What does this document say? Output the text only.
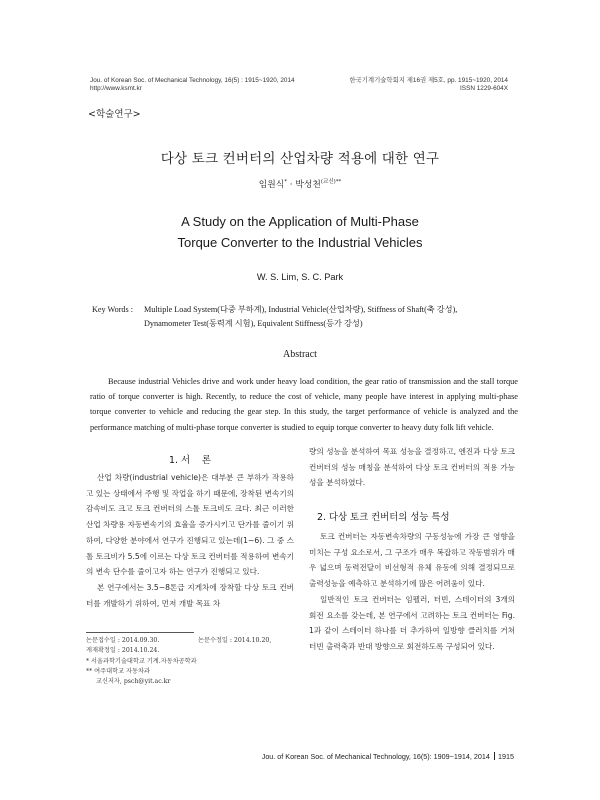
Jou. of Korean Soc. of Mechanical Technology, 16(5) : 1915~1920, 2014
http://www.ksmt.kr
한국기계기술학회지 제16권 제5호, pp. 1915~1920, 2014
ISSN 1229-604X
<학술연구>
다상 토크 컨버터의 산업차량 적용에 대한 연구
임원식* · 박성천$^{(교신)**}$
A Study on the Application of Multi-Phase
Torque Converter to the Industrial Vehicles
W. S. Lim, S. C. Park
Key Words : Multiple Load System(다중 부하계), Industrial Vehicle(산업차량), Stiffness of Shaft(축 강성),
Dynamometer Test(동력계 시험), Equivalent Stiffness(등가 강성)
Abstract

Because industrial Vehicles drive and work under heavy load condition, the gear ratio of transmission and the stall torque ratio of torque converter is high. Recently, to reduce the cost of vehicle, many people have interest in applying multi-phase torque converter to vehicle and reducing the gear step. In this study, the target performance of vehicle is analyzed and the performance matching of multi-phase torque converter is studied to equip torque converter to heavy duty folk lift vehicle.

1. 서    론

산업 차량(industrial vehicle)은 대부분 큰 부하가 작용하고 있는 상태에서 주행 및 작업을 하기 때문에, 장착된 변속기의 감속비도 크고 토크 컨버터의 스톨 토크비도 크다. 최근 이러한 산업 차량용 자동변속기의 효율을 증가시키고 단가를 줄이기 위하여, 다양한 분야에서 연구가 진행되고 있는데(1~6). 그 중 스톨 토크비가 5.5에 이르는 다상 토크 컨버터를 적용하여 변속기의 변속 단수를 줄이고자 하는 연구가 진행되고 있다.

본 연구에서는 3.5~8톤급 지게차에 장착할 다상 토크 컨버터를 개발하기 위하여, 먼저 개발 목표 차

량의 성능을 분석하여 목표 성능을 결정하고, 엔진과 다상 토크 컨버터의 성능 매칭을 분석하여 다상 토크 컨버터의 적용 가능성을 분석하였다.

2. 다상 토크 컨버터의 성능 특성

토크 컨버터는 자동변속차량의 구동성능에 가장 큰 영향을 미치는 구성 요소로서, 그 구조가 매우 복잡하고 작동범위가 매우 넓으며 동력전달이 비선형적 유체 유동에 의해 결정되므로 출력성능을 예측하고 분석하기에 많은 어려움이 있다.

일반적인 토크 컨버터는 임펠러, 터빈, 스테이터의 3개의 회전 요소를 갖는데, 본 연구에서 고려하는 토크 컨버터는 Fig. 1과 같이 스테이터 하나를 더 추가하여 일방향 클러치를 거쳐 터빈 출력축과 반대 방향으로 회전하도록 구성되어 있다.

논문접수일 : 2014.09.30.	논문수정일 : 2014.10.20,
게재확정일 : 2014.10.24.
* 서울과학기술대학교 기계.자동차공학과
** 여주대학교 자동차과
교신저자, psch@yit.ac.kr
Jou. of Korean Soc. of Mechanical Technology, 16(5): 1909~1914, 2014 1915
